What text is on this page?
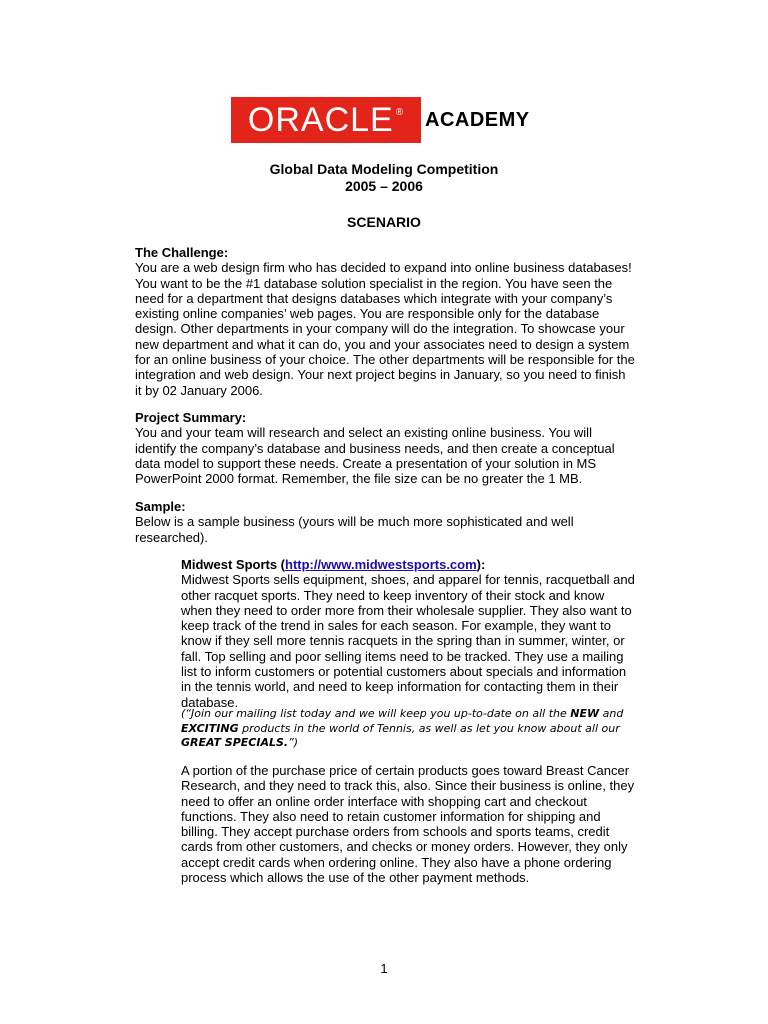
ORACLE® ACADEMY
Global Data Modeling Competition
2005 – 2006
SCENARIO
The Challenge:
You are a web design firm who has decided to expand into online business databases! You want to be the #1 database solution specialist in the region. You have seen the need for a department that designs databases which integrate with your company’s existing online companies’ web pages. You are responsible only for the database design. Other departments in your company will do the integration. To showcase your new department and what it can do, you and your associates need to design a system for an online business of your choice. The other departments will be responsible for the integration and web design. Your next project begins in January, so you need to finish it by 02 January 2006.
Project Summary:
You and your team will research and select an existing online business. You will identify the company’s database and business needs, and then create a conceptual data model to support these needs. Create a presentation of your solution in MS PowerPoint 2000 format. Remember, the file size can be no greater the 1 MB.
Sample:
Below is a sample business (yours will be much more sophisticated and well researched).
Midwest Sports (http://www.midwestsports.com):
Midwest Sports sells equipment, shoes, and apparel for tennis, racquetball and other racquet sports. They need to keep inventory of their stock and know when they need to order more from their wholesale supplier. They also want to keep track of the trend in sales for each season. For example, they want to know if they sell more tennis racquets in the spring than in summer, winter, or fall. Top selling and poor selling items need to be tracked. They use a mailing list to inform customers or potential customers about specials and information in the tennis world, and need to keep information for contacting them in their database.
(“Join our mailing list today and we will keep you up-to-date on all the NEW and EXCITING products in the world of Tennis, as well as let you know about all our GREAT SPECIALS.”)
A portion of the purchase price of certain products goes toward Breast Cancer Research, and they need to track this, also. Since their business is online, they need to offer an online order interface with shopping cart and checkout functions. They also need to retain customer information for shipping and billing. They accept purchase orders from schools and sports teams, credit cards from other customers, and checks or money orders. However, they only accept credit cards when ordering online. They also have a phone ordering process which allows the use of the other payment methods.
1
